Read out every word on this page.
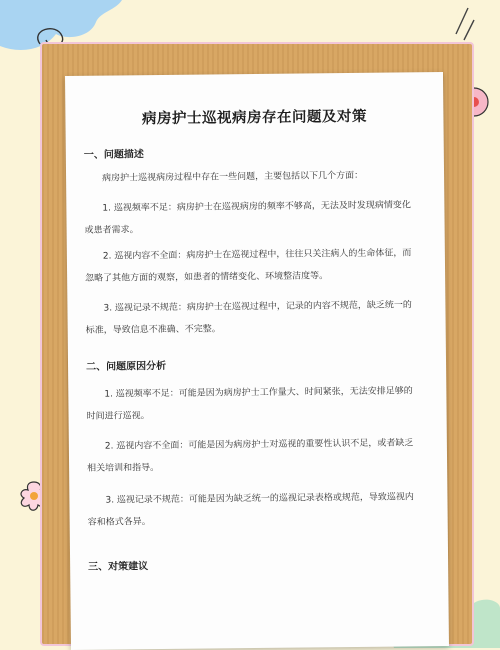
病房护士巡视病房存在问题及对策
一、问题描述
病房护士巡视病房过程中存在一些问题，主要包括以下几个方面：
1. 巡视频率不足：病房护士在巡视病房的频率不够高，无法及时发现病情变化或患者需求。
2. 巡视内容不全面：病房护士在巡视过程中，往往只关注病人的生命体征，而忽略了其他方面的观察，如患者的情绪变化、环境整洁度等。
3. 巡视记录不规范：病房护士在巡视过程中，记录的内容不规范，缺乏统一的标准，导致信息不准确、不完整。
二、问题原因分析
1. 巡视频率不足：可能是因为病房护士工作量大、时间紧张，无法安排足够的时间进行巡视。
2. 巡视内容不全面：可能是因为病房护士对巡视的重要性认识不足，或者缺乏相关培训和指导。
3. 巡视记录不规范：可能是因为缺乏统一的巡视记录表格或规范，导致巡视内容和格式各异。
三、对策建议
